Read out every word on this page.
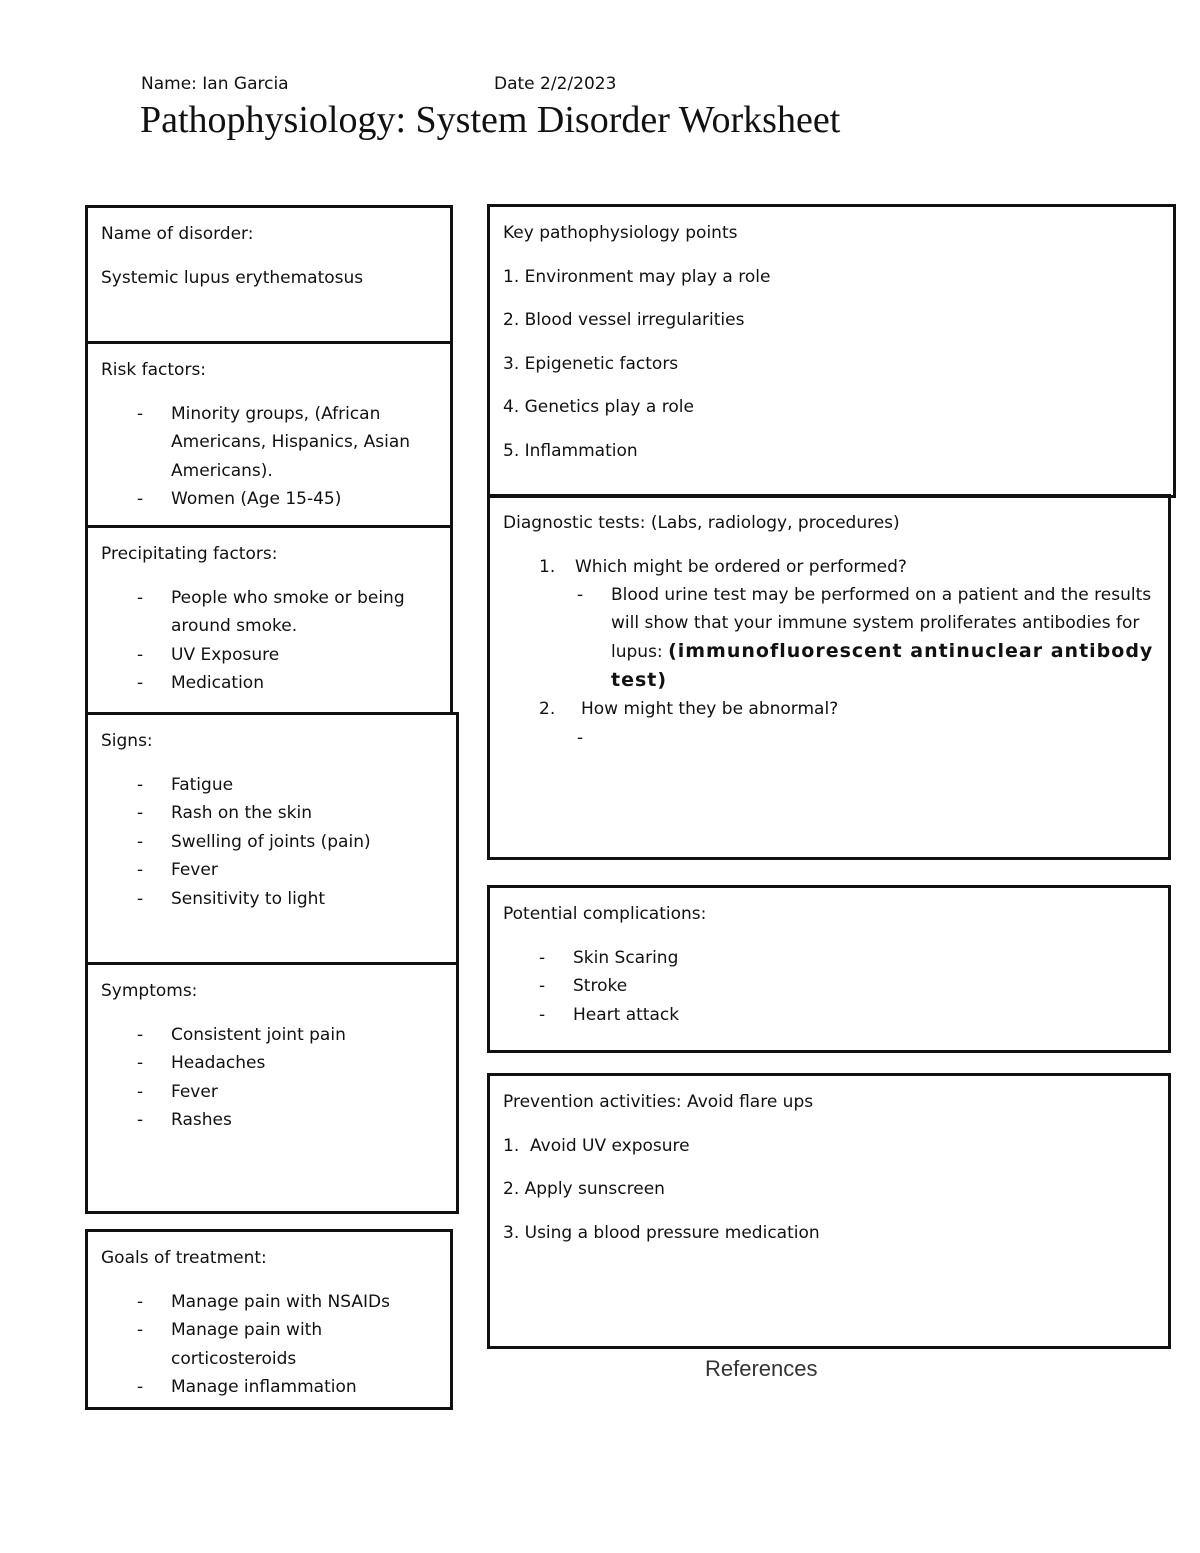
Name: Ian Garcia	Date 2/2/2023
Pathophysiology: System Disorder Worksheet
Name of disorder:
Systemic lupus erythematosus
Risk factors:
- Minority groups, (African Americans, Hispanics, Asian Americans).
- Women (Age 15-45)
Precipitating factors:
- People who smoke or being around smoke.
- UV Exposure
- Medication
Signs:
- Fatigue
- Rash on the skin
- Swelling of joints (pain)
- Fever
- Sensitivity to light
Symptoms:
- Consistent joint pain
- Headaches
- Fever
- Rashes
Goals of treatment:
- Manage pain with NSAIDs
- Manage pain with corticosteroids
- Manage inflammation

Key pathophysiology points

1. Environment may play a role

2. Blood vessel irregularities

3. Epigenetic factors

4. Genetics play a role

5. Inflammation

Diagnostic tests: (Labs, radiology, procedures)
1. Which might be ordered or performed?
- Blood urine test may be performed on a patient and the results will show that your immune system proliferates antibodies for lupus: (immunofluorescent antinuclear antibody test)
2. How might they be abnormal?
-
Potential complications:
- Skin Scaring
- Stroke
- Heart attack

Prevention activities: Avoid flare ups

1.  Avoid UV exposure

2. Apply sunscreen

3. Using a blood pressure medication

References
